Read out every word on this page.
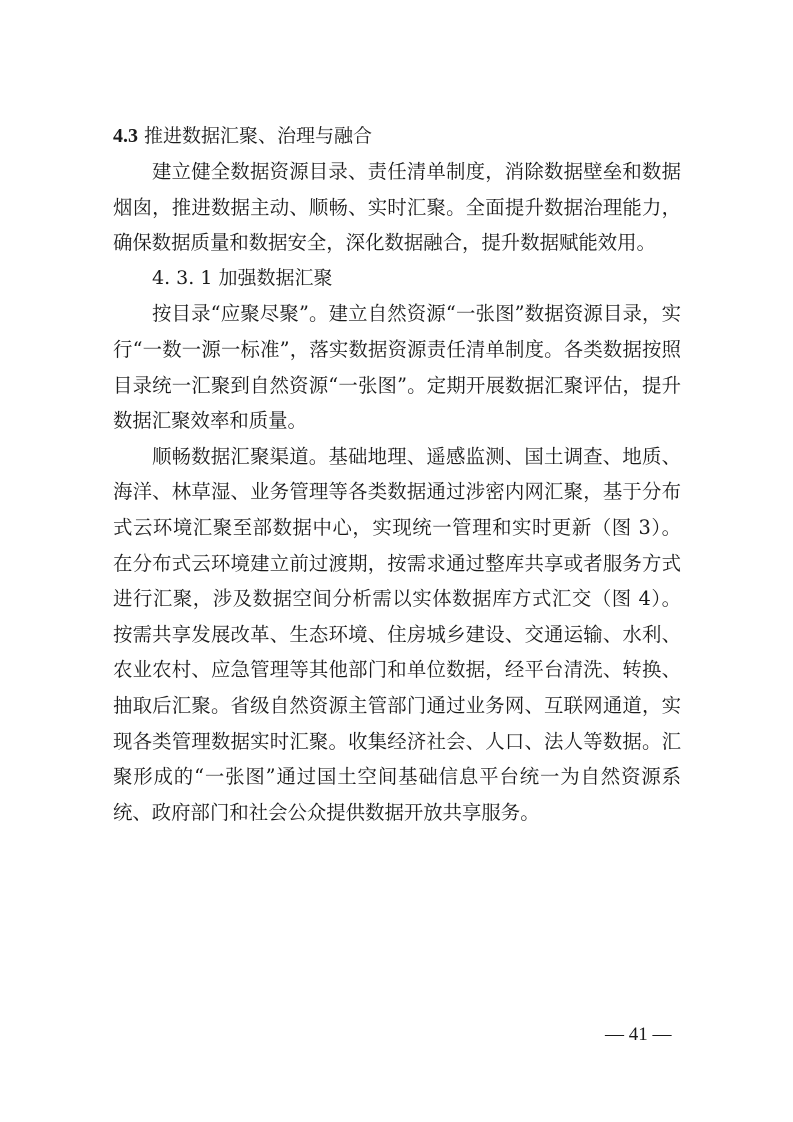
4.3 推进数据汇聚、治理与融合

建立健全数据资源目录、责任清单制度，消除数据壁垒和数据
烟囱，推进数据主动、顺畅、实时汇聚。全面提升数据治理能力，
确保数据质量和数据安全，深化数据融合，提升数据赋能效用。

4. 3. 1 加强数据汇聚

按目录“应聚尽聚”。建立自然资源“一张图”数据资源目录，实
行“一数一源一标准”，落实数据资源责任清单制度。各类数据按照
目录统一汇聚到自然资源“一张图”。定期开展数据汇聚评估，提升
数据汇聚效率和质量。

顺畅数据汇聚渠道。基础地理、遥感监测、国土调查、地质、
海洋、林草湿、业务管理等各类数据通过涉密内网汇聚，基于分布
式云环境汇聚至部数据中心，实现统一管理和实时更新（图 3）。
在分布式云环境建立前过渡期，按需求通过整库共享或者服务方式
进行汇聚，涉及数据空间分析需以实体数据库方式汇交（图 4）。
按需共享发展改革、生态环境、住房城乡建设、交通运输、水利、
农业农村、应急管理等其他部门和单位数据，经平台清洗、转换、
抽取后汇聚。省级自然资源主管部门通过业务网、互联网通道，实
现各类管理数据实时汇聚。收集经济社会、人口、法人等数据。汇
聚形成的“一张图”通过国土空间基础信息平台统一为自然资源系
统、政府部门和社会公众提供数据开放共享服务。

— 41 —
